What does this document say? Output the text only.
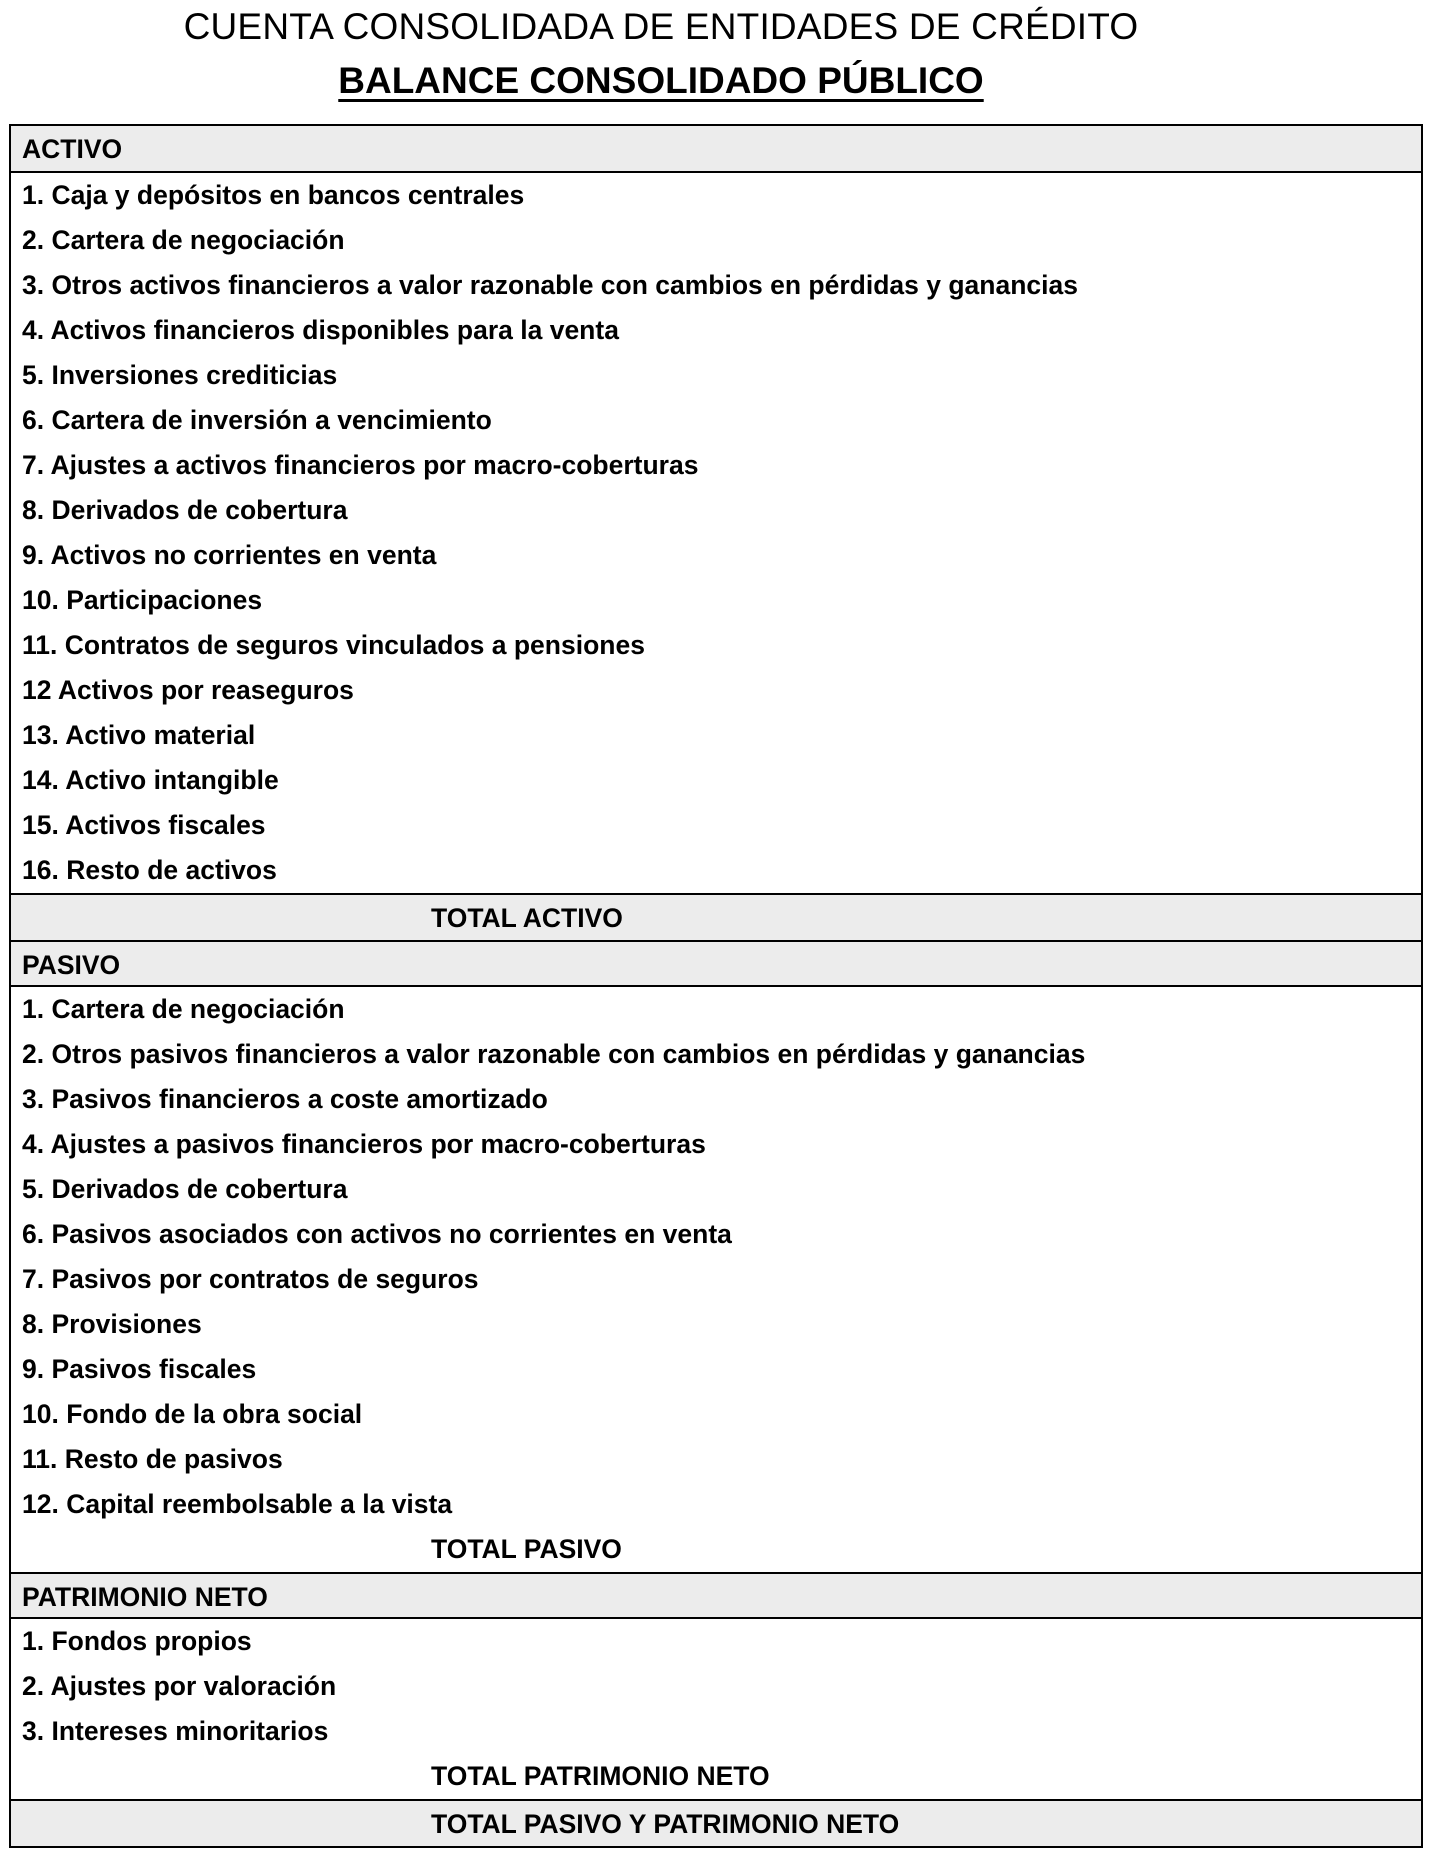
CUENTA CONSOLIDADA DE ENTIDADES DE CRÉDITO
BALANCE CONSOLIDADO PÚBLICO
ACTIVO
1. Caja y depósitos en bancos centrales
2. Cartera de negociación
3. Otros activos financieros a valor razonable con cambios en pérdidas y ganancias
4. Activos financieros disponibles para la venta
5. Inversiones crediticias
6. Cartera de inversión a vencimiento
7. Ajustes a activos financieros por macro-coberturas
8. Derivados de cobertura
9. Activos no corrientes en venta
10. Participaciones
11. Contratos de seguros vinculados a pensiones
12 Activos por reaseguros
13. Activo material
14. Activo intangible
15. Activos fiscales
16. Resto de activos
TOTAL ACTIVO
PASIVO
1. Cartera de negociación
2. Otros pasivos financieros a valor razonable con cambios en pérdidas y ganancias
3. Pasivos financieros a coste amortizado
4. Ajustes a pasivos financieros por macro-coberturas
5. Derivados de cobertura
6. Pasivos asociados con activos no corrientes en venta
7. Pasivos por contratos de seguros
8. Provisiones
9. Pasivos fiscales
10. Fondo de la obra social
11. Resto de pasivos
12. Capital reembolsable a la vista
TOTAL PASIVO
PATRIMONIO NETO
1. Fondos propios
2. Ajustes por valoración
3. Intereses minoritarios
TOTAL PATRIMONIO NETO
TOTAL PASIVO Y PATRIMONIO NETO
